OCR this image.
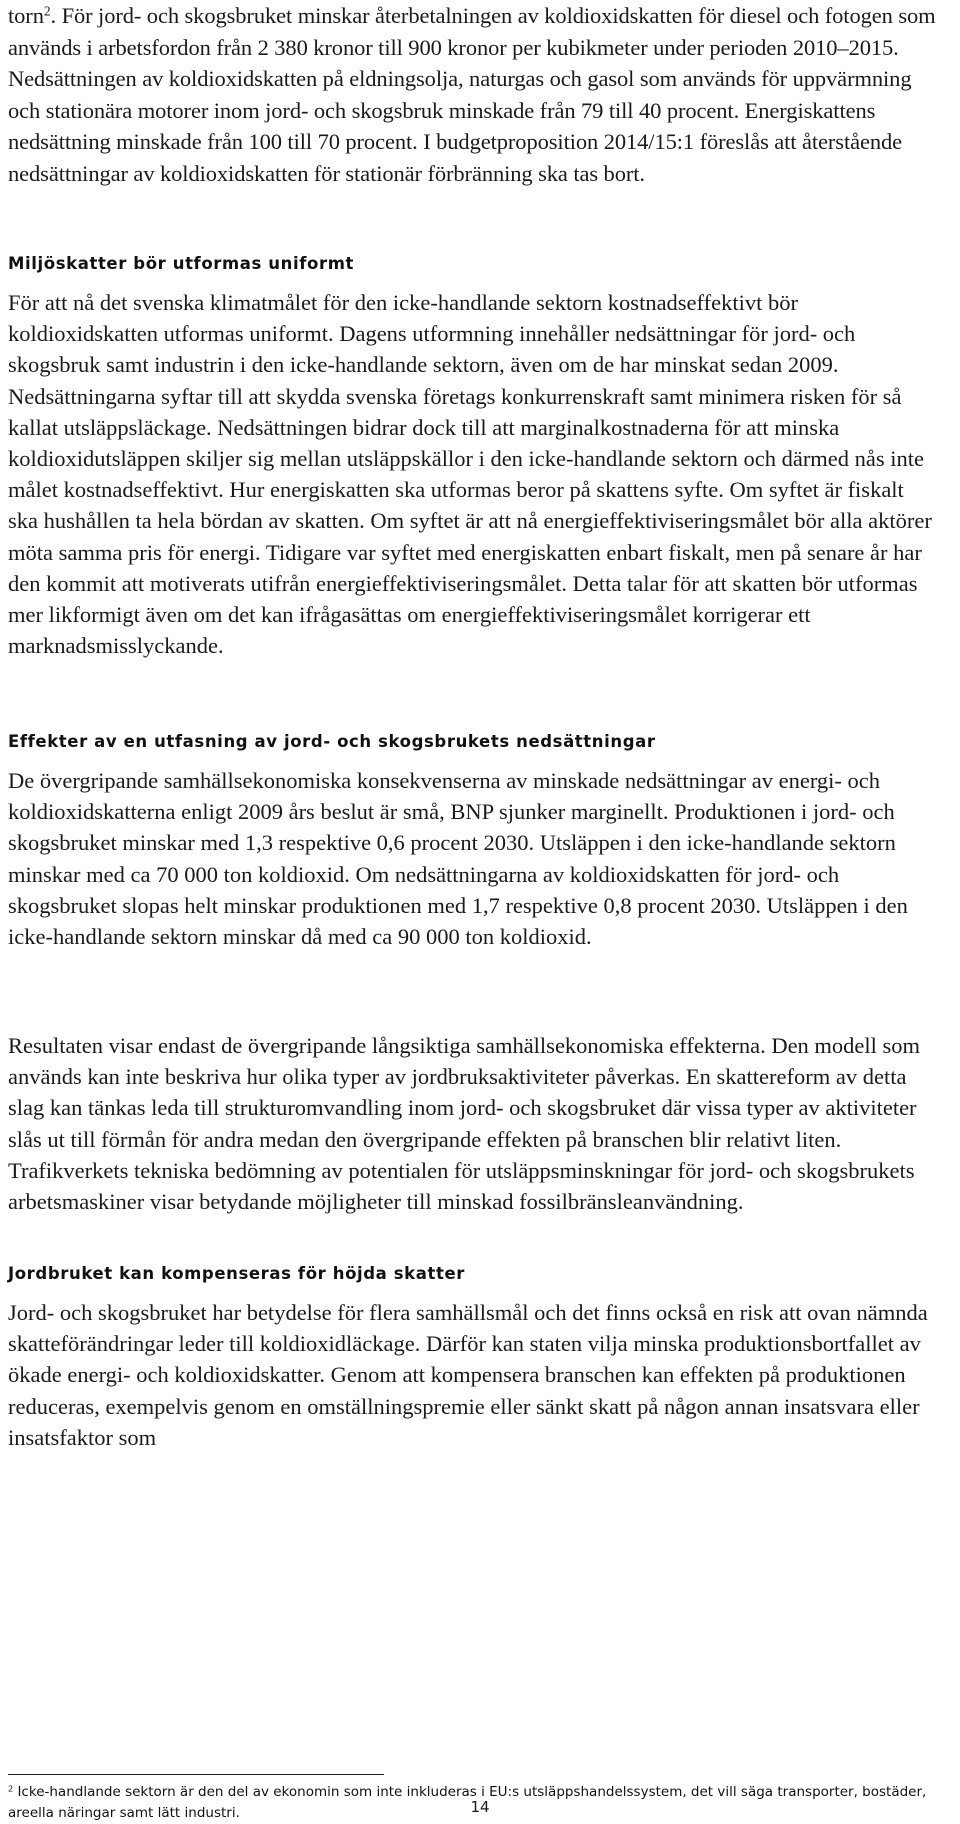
torn$^2$. För jord- och skogsbruket minskar återbetalningen av koldioxidskatten för diesel och fotogen som används i arbetsfordon från 2 380 kronor till 900 kronor per kubikmeter under perioden 2010–2015. Nedsättningen av koldioxidskatten på eldningsolja, naturgas och gasol som används för uppvärmning och stationära motorer inom jord- och skogsbruk minskade från 79 till 40 procent. Energiskattens nedsättning minskade från 100 till 70 procent. I budgetproposition 2014/15:1 föreslås att återstående nedsättningar av koldioxidskatten för stationär förbränning ska tas bort.

Miljöskatter bör utformas uniformt

För att nå det svenska klimatmålet för den icke-handlande sektorn kostnadseffektivt bör koldioxidskatten utformas uniformt. Dagens utformning innehåller nedsättningar för jord- och skogsbruk samt industrin i den icke-handlande sektorn, även om de har minskat sedan 2009. Nedsättningarna syftar till att skydda svenska företags konkurrenskraft samt minimera risken för så kallat utsläppsläckage. Nedsättningen bidrar dock till att marginalkostnaderna för att minska koldioxidutsläppen skiljer sig mellan utsläppskällor i den icke-handlande sektorn och därmed nås inte målet kostnadseffektivt. Hur energiskatten ska utformas beror på skattens syfte. Om syftet är fiskalt ska hushållen ta hela bördan av skatten. Om syftet är att nå energieffektiviseringsmålet bör alla aktörer möta samma pris för energi. Tidigare var syftet med energiskatten enbart fiskalt, men på senare år har den kommit att motiverats utifrån energieffektiviseringsmålet. Detta talar för att skatten bör utformas mer likformigt även om det kan ifrågasättas om energieffektiviseringsmålet korrigerar ett marknadsmisslyckande.

Effekter av en utfasning av jord- och skogsbrukets nedsättningar

De övergripande samhällsekonomiska konsekvenserna av minskade nedsättningar av energi- och koldioxidskatterna enligt 2009 års beslut är små, BNP sjunker marginellt. Produktionen i jord- och skogsbruket minskar med 1,3 respektive 0,6 procent 2030. Utsläppen i den icke-handlande sektorn minskar med ca 70 000 ton koldioxid. Om nedsättningarna av koldioxidskatten för jord- och skogsbruket slopas helt minskar produktionen med 1,7 respektive 0,8 procent 2030. Utsläppen i den icke-handlande sektorn minskar då med ca 90 000 ton koldioxid.

Resultaten visar endast de övergripande långsiktiga samhällsekonomiska effekterna. Den modell som används kan inte beskriva hur olika typer av jordbruksaktiviteter påverkas. En skattereform av detta slag kan tänkas leda till strukturomvandling inom jord- och skogsbruket där vissa typer av aktiviteter slås ut till förmån för andra medan den övergripande effekten på branschen blir relativt liten. Trafikverkets tekniska bedömning av potentialen för utsläppsminskningar för jord- och skogsbrukets arbetsmaskiner visar betydande möjligheter till minskad fossilbränsleanvändning.

Jordbruket kan kompenseras för höjda skatter

Jord- och skogsbruket har betydelse för flera samhällsmål och det finns också en risk att ovan nämnda skatteförändringar leder till koldioxidläckage. Därför kan staten vilja minska produktionsbortfallet av ökade energi- och koldioxidskatter. Genom att kompensera branschen kan effekten på produktionen reduceras, exempelvis genom en omställningspremie eller sänkt skatt på någon annan insatsvara eller insatsfaktor som

$^2$ Icke-handlande sektorn är den del av ekonomin som inte inkluderas i EU:s utsläppshandelssystem, det vill säga transporter, bostäder, areella näringar samt lätt industri.	14
